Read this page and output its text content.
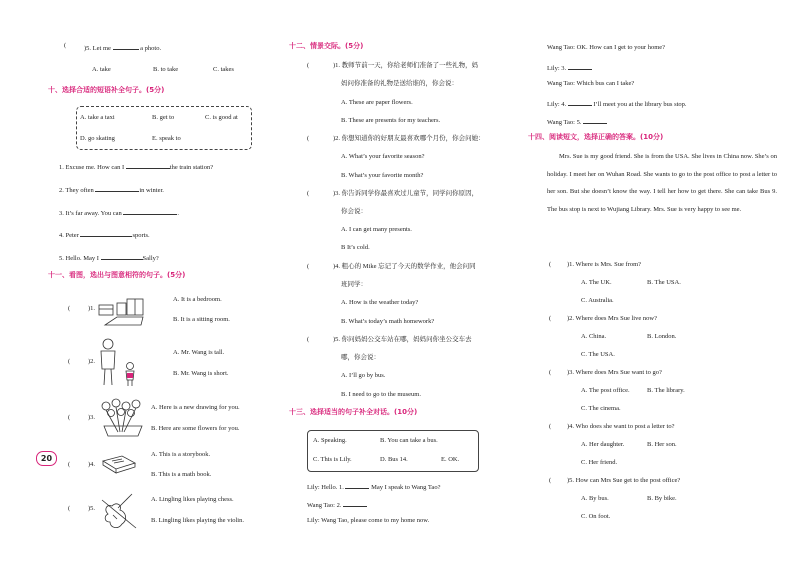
(	)5. Let me	a photo.
A. take	B. to take	C. takes
十、选择合适的短语补全句子。(5分)
A. take a taxi	B. get to	C. is good at
D. go skating	E. speak to
1. Excuse me. How can I	the train station?
2. They often	in winter.
3. It’s far away. You can	.
4. Peter	sports.
5. Hello. May I	Sally?
十一、看图，选出与图意相符的句子。(5分)
(	)1.
A. It is a bedroom.
B. It is a sitting room.
(	)2.
A. Mr. Wang is tall.
B. Mr. Wang is short.
(	)3.
A. Here is a new drawing for you.
B. Here are some flowers for you.
(	)4.
A. This is a storybook.
B. This is a math book.
(	)5.
A. Lingling likes playing chess.
B. Lingling likes playing the violin.
20
十二、情景交际。(5分)
(	)1. 教师节前一天，你给老师们准备了一些礼物，妈
妈问你准备的礼物是送给谁的，你会说：
A. These are paper flowers.
B. These are presents for my teachers.
(	)2. 你想知道你的好朋友最喜欢哪个月份，你会问她：
A. What’s your favorite season?
B. What’s your favorite month?
(	)3. 你告诉同学你最喜欢过儿童节，同学问你原因，
你会说：
A. I can get many presents.
B It’s cold.
(	)4. 粗心的 Mike 忘记了今天的数学作业，他会问同
班同学：
A. How is the weather today?
B. What’s today’s math homework?
(	)5. 你问妈妈公交车站在哪，妈妈问你坐公交车去
哪，你会说：
A. I’ll go by bus.
B. I need to go to the museum.
十三、选择适当的句子补全对话。(10分)
A. Speaking.	B. You can take a bus.
C. This is Lily.	D. Bus 14.	E. OK.
Lily: Hello. 1.	May I speak to Wang Tao?
Wang Tao: 2.
Lily: Wang Tao, please come to my home now.
Wang Tao: OK. How can I get to your home?
Lily: 3.
Wang Tao: Which bus can I take?
Lily: 4.	I’ll meet you at the library bus stop.
Wang Tao: 5.
十四、阅读短文，选择正确的答案。(10分)
Mrs. Sue is my good friend. She is from the USA. She lives in China now. She’s on holiday. I meet her on Wuhan Road. She wants to go to the post office to post a letter to her son. But she doesn’t know the way. I tell her how to get there. She can take Bus 9. The bus stop is next to Wujiang Library. Mrs. Sue is very happy to see me.
( )1. Where is Mrs. Sue from?
A. The UK.	B. The USA.
C. Australia.
( )2. Where does Mrs Sue live now?
A. China.	B. London.
C. The USA.
( )3. Where does Mrs Sue want to go?
A. The post office.	B. The library.
C. The cinema.
( )4. Who does she want to post a letter to?
A. Her daughter.	B. Her son.
C. Her friend.
( )5. How can Mrs Sue get to the post office?
A. By bus.	B. By bike.
C. On foot.
